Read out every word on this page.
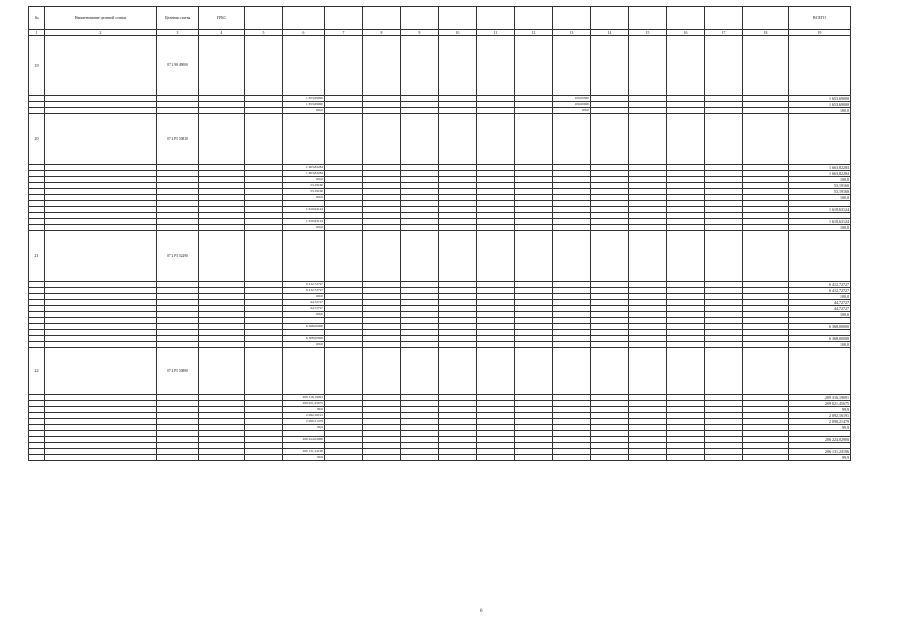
№	Наименование целевой статьи	Целевая статья	ГРБС															ВСЕГО
1	2	3	4	5	6	7	8	9	10	11	12	13	14	15	16	17	18	19
19		07 2 98 49000																
					1 653,69000							100,00000						1 653,69000
					1 653,69000							100,00000						1 653,69000
					100,0							100,0						100,0
20		07 2 P5 50810																
					1 663,82284													1 663,82284
					1 663,82284													1 663,82284
					100,0													100,0
					53,19160													53,19160
					53,19160													53,19160
					100,0													100,0

					1 610,63124													1 610,63124

					1 610,63124													1 610,63124
					100,0													100,0
21		07 2 P5 52290																
					6 412,72727													6 412,72727
					6 412,72727													6 412,72727
					100,0													100,0
					44,72727													44,72727
					44,72727													44,72727
					100,0													100,0

					6 368,00000													6 368,00000

					6 368,00000													6 368,00000
					100,0													100,0
22		07 4 P5 50890																
					209 316,19091													209 316,19091
					209 021,45675													209 021,45675
					99,9													99,9
					2 092,16191													2 092,16191
					2 090,21479													2 090,21479
					99,9													99,9

					206 224,02900													206 224,02900

					206 131,24196													206 131,24196
					99,9													99,9
6
